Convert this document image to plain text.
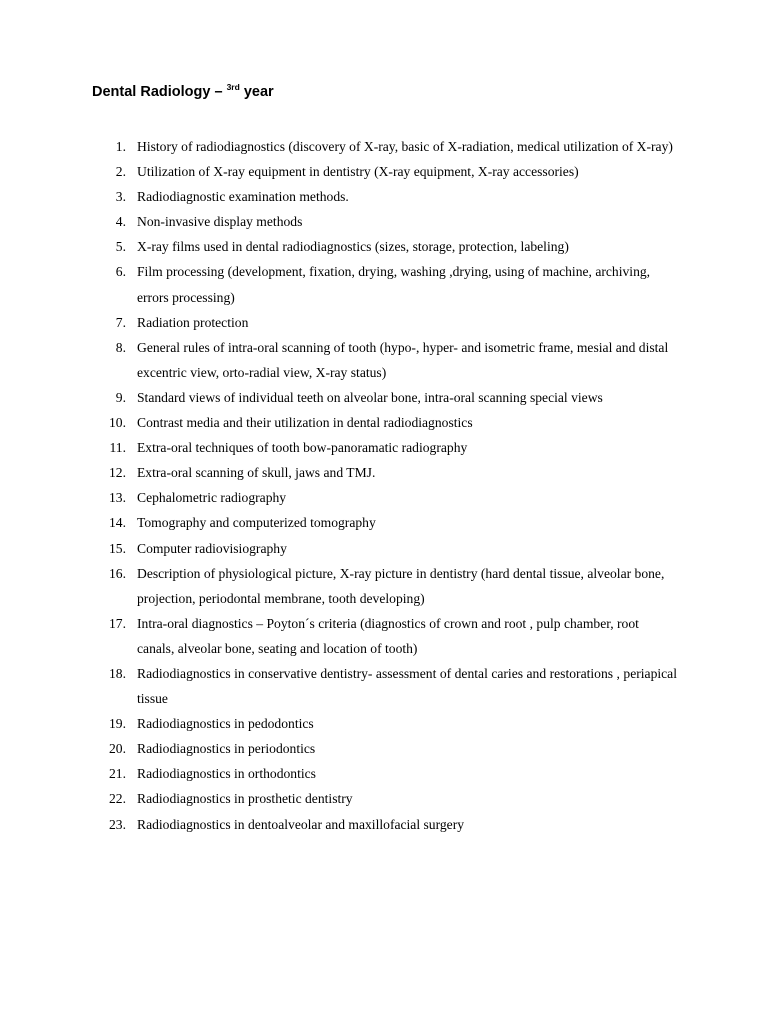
Dental Radiology – $^{3rd}$ year
1. History of radiodiagnostics (discovery of X-ray, basic of X-radiation, medical utilization of X-ray)
2. Utilization of X-ray equipment in dentistry (X-ray equipment, X-ray accessories)
3. Radiodiagnostic examination methods.
4. Non-invasive display methods
5. X-ray films used in dental radiodiagnostics (sizes, storage, protection, labeling)
6. Film processing (development, fixation, drying, washing ,drying, using of machine, archiving, errors processing)
7. Radiation protection
8. General rules of intra-oral scanning of tooth (hypo-, hyper- and isometric frame, mesial and distal excentric view, orto-radial view, X-ray status)
9. Standard views of individual teeth on alveolar bone, intra-oral scanning special views
10. Contrast media and their utilization in dental radiodiagnostics
11. Extra-oral techniques of tooth bow-panoramatic radiography
12. Extra-oral scanning of skull, jaws and TMJ.
13. Cephalometric radiography
14. Tomography and computerized tomography
15. Computer radiovisiography
16. Description of physiological picture, X-ray picture in dentistry (hard dental tissue, alveolar bone, projection, periodontal membrane, tooth developing)
17. Intra-oral diagnostics – Poyton´s criteria (diagnostics of crown and root , pulp chamber, root canals, alveolar bone, seating and location of tooth)
18. Radiodiagnostics in conservative dentistry- assessment of dental caries and restorations , periapical tissue
19. Radiodiagnostics in pedodontics
20. Radiodiagnostics in periodontics
21. Radiodiagnostics in orthodontics
22. Radiodiagnostics in prosthetic dentistry
23. Radiodiagnostics in dentoalveolar and maxillofacial surgery
